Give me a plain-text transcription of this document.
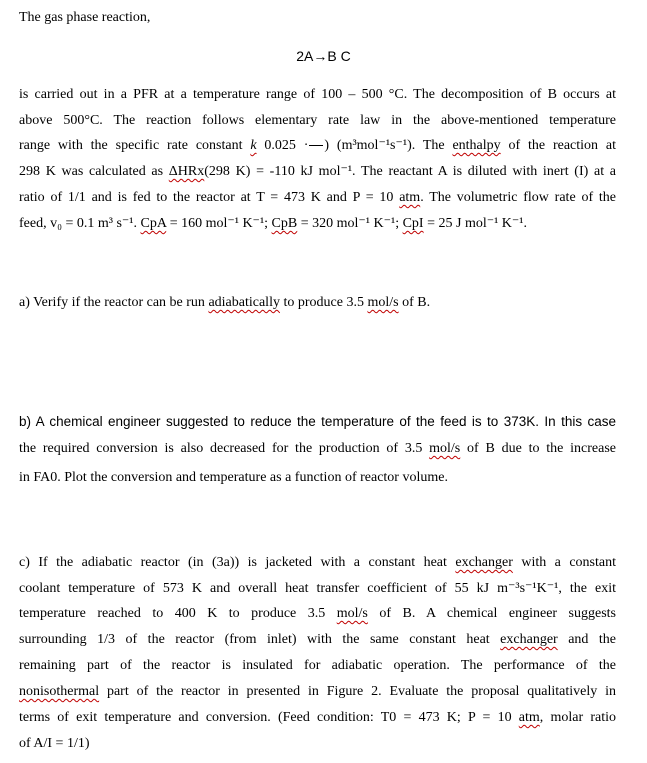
The gas phase reaction,
2A→B C
is carried out in a PFR at a temperature range of 100 – 500 °C. The decomposition of B occurs at
above 500°C. The reaction follows elementary rate law in the above-mentioned temperature
range with the specific rate constant k 0.025 · ) (m³mol⁻¹s⁻¹). The enthalpy of the reaction at
298 K was calculated as ΔHRx(298 K) = -110 kJ mol⁻¹. The reactant A is diluted with inert (I) at a
ratio of 1/1 and is fed to the reactor at T = 473 K and P = 10 atm. The volumetric flow rate of the
feed, v₀ = 0.1 m³ s⁻¹. CpA = 160 mol⁻¹ K⁻¹; CpB = 320 mol⁻¹ K⁻¹; CpI = 25 J mol⁻¹ K⁻¹.
a) Verify if the reactor can be run adiabatically to produce 3.5 mol/s of B.
b) A chemical engineer suggested to reduce the temperature of the feed is to 373K. In this case
the required conversion is also decreased for the production of 3.5 mol/s of B due to the increase
in FA0. Plot the conversion and temperature as a function of reactor volume.
c) If the adiabatic reactor (in (3a)) is jacketed with a constant heat exchanger with a constant
coolant temperature of 573 K and overall heat transfer coefficient of 55 kJ m⁻³s⁻¹K⁻¹, the exit
temperature reached to 400 K to produce 3.5 mol/s of B. A chemical engineer suggests
surrounding 1/3 of the reactor (from inlet) with the same constant heat exchanger and the
remaining part of the reactor is insulated for adiabatic operation. The performance of the
nonisothermal part of the reactor in presented in Figure 2. Evaluate the proposal qualitatively in
terms of exit temperature and conversion. (Feed condition: T0 = 473 K; P = 10 atm, molar ratio
of A/I = 1/1)
